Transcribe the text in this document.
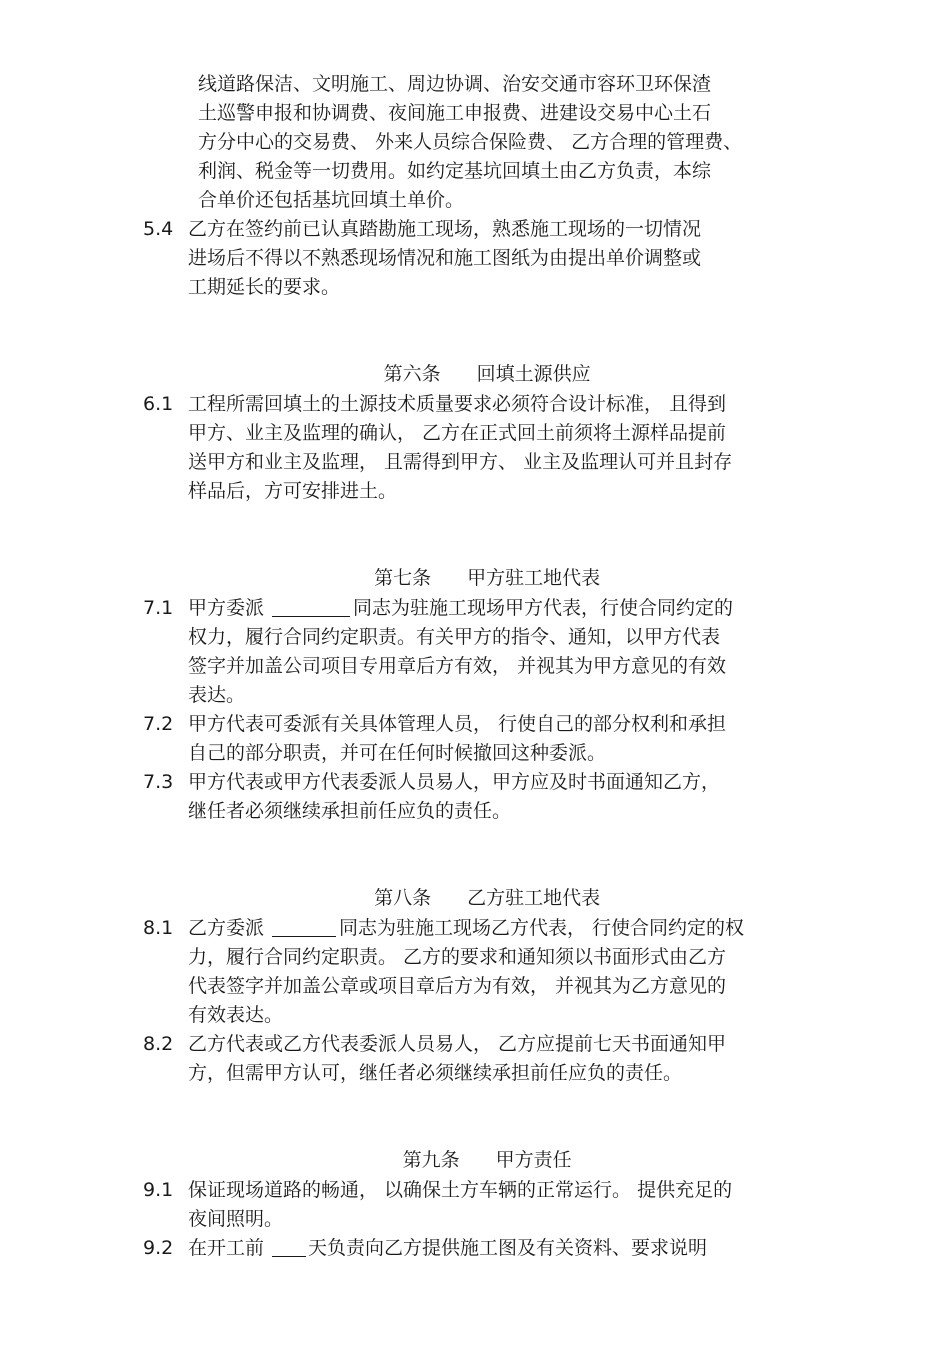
线道路保洁、文明施工、周边协调、治安交通市容环卫环保渣
土巡警申报和协调费、夜间施工申报费、进建设交易中心土石
方分中心的交易费、 外来人员综合保险费、 乙方合理的管理费、
利润、税金等一切费用。如约定基坑回填土由乙方负责，本综
合单价还包括基坑回填土单价。
5.4 乙方在签约前已认真踏勘施工现场，熟悉施工现场的一切情况
进场后不得以不熟悉现场情况和施工图纸为由提出单价调整或
工期延长的要求。

第六条 回填土源供应

6.1 工程所需回填土的土源技术质量要求必须符合设计标准， 且得到
甲方、业主及监理的确认， 乙方在正式回土前须将土源样品提前
送甲方和业主及监理， 且需得到甲方、 业主及监理认可并且封存
样品后，方可安排进土。

第七条 甲方驻工地代表

7.1 甲方委派	同志为驻施工现场甲方代表，行使合同约定的
权力，履行合同约定职责。有关甲方的指令、通知，以甲方代表
签字并加盖公司项目专用章后方有效， 并视其为甲方意见的有效
表达。
7.2 甲方代表可委派有关具体管理人员， 行使自己的部分权利和承担
自己的部分职责，并可在任何时候撤回这种委派。
7.3 甲方代表或甲方代表委派人员易人，甲方应及时书面通知乙方，
继任者必须继续承担前任应负的责任。

第八条 乙方驻工地代表

8.1 乙方委派	同志为驻施工现场乙方代表， 行使合同约定的权
力，履行合同约定职责。 乙方的要求和通知须以书面形式由乙方
代表签字并加盖公章或项目章后方为有效， 并视其为乙方意见的
有效表达。
8.2 乙方代表或乙方代表委派人员易人， 乙方应提前七天书面通知甲
方，但需甲方认可，继任者必须继续承担前任应负的责任。

第九条 甲方责任

9.1 保证现场道路的畅通， 以确保土方车辆的正常运行。 提供充足的
夜间照明。
9.2 在开工前 天负责向乙方提供施工图及有关资料、要求说明
